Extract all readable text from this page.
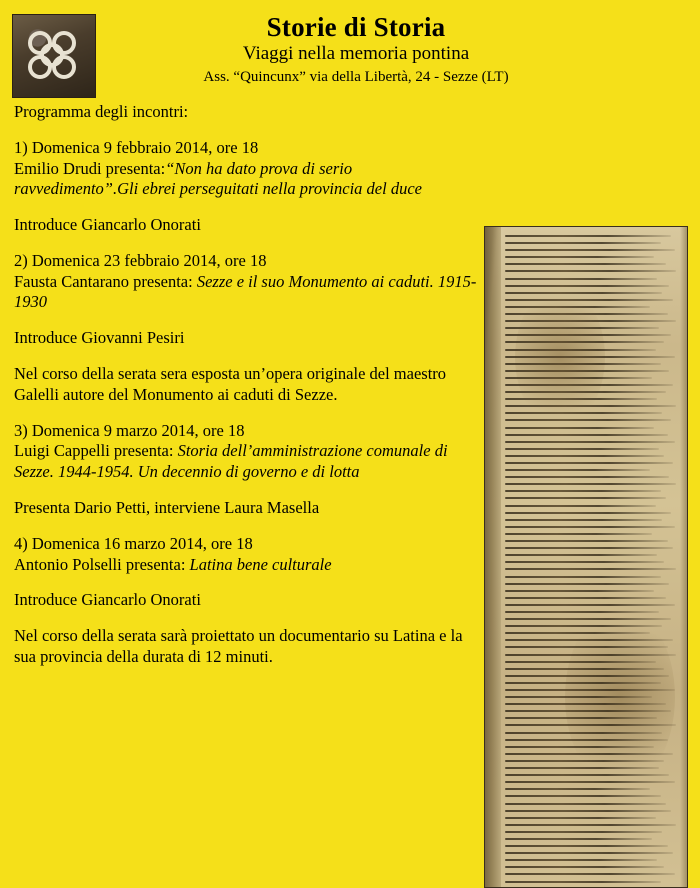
Storie di Storia
Viaggi nella memoria pontina
Ass. “Quincunx” via della Libertà, 24 - Sezze (LT)

Programma degli incontri:

1) Domenica 9 febbraio 2014, ore 18
Emilio Drudi presenta:“Non ha dato prova di serio ravvedimento”.Gli ebrei perseguitati nella provincia del duce

Introduce Giancarlo Onorati

2) Domenica 23 febbraio 2014, ore 18
Fausta Cantarano presenta: Sezze e il suo Monumento ai caduti. 1915-1930

Introduce Giovanni Pesiri

Nel corso della serata sera esposta un’opera originale del maestro Galelli autore del Monumento ai caduti di Sezze.

3) Domenica 9 marzo 2014, ore 18
Luigi Cappelli presenta: Storia dell’amministrazione comunale di Sezze. 1944-1954. Un decennio di governo e di lotta

Presenta Dario Petti, interviene Laura Masella

4) Domenica 16 marzo 2014, ore 18
Antonio Polselli presenta: Latina bene culturale

Introduce Giancarlo Onorati

Nel corso della serata sarà proiettato un documentario su Latina e la sua provincia della durata di 12 minuti.
